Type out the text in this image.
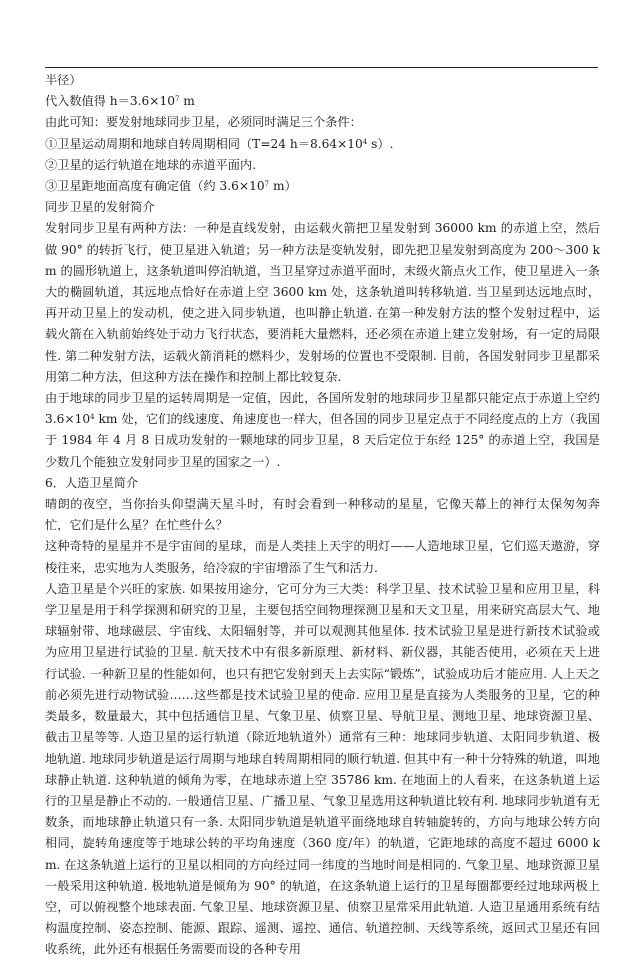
半径）

代入数值得 $h=3.6\times 10^7$ m

由此可知：要发射地球同步卫星，必须同时满足三个条件：

①卫星运动周期和地球自转周期相同（T=24 $h=8.64\times 10^4$ s）.

②卫星的运行轨道在地球的赤道平面内.

③卫星距地面高度有确定值（约 $3.6\times 10^7$ m）

同步卫星的发射简介

发射同步卫星有两种方法：一种是直线发射，由运载火箭把卫星发射到 36000 km 的赤道上空，然后做 90° 的转折飞行，使卫星进入轨道；另一种方法是变轨发射，即先把卫星发射到高度为 200～300 km 的圆形轨道上，这条轨道叫停泊轨道，当卫星穿过赤道平面时，末级火箭点火工作，使卫星进入一条大的椭圆轨道，其远地点恰好在赤道上空 3600 km 处，这条轨道叫转移轨道. 当卫星到达远地点时，再开动卫星上的发动机，使之进入同步轨道，也叫静止轨道. 在第一种发射方法的整个发射过程中，运载火箭在入轨前始终处于动力飞行状态，要消耗大量燃料，还必须在赤道上建立发射场，有一定的局限性. 第二种发射方法，运载火箭消耗的燃料少，发射场的位置也不受限制. 目前，各国发射同步卫星都采用第二种方法，但这种方法在操作和控制上都比较复杂.

由于地球的同步卫星的运转周期是一定值，因此，各国所发射的地球同步卫星都只能定点于赤道上空约 $3.6\times 10^4$ km 处，它们的线速度、角速度也一样大，但各国的同步卫星定点于不同经度点的上方（我国于 1984 年 4 月 8 日成功发射的一颗地球的同步卫星，8 天后定位于东经 125° 的赤道上空，我国是少数几个能独立发射同步卫星的国家之一）.

6．人造卫星简介

晴朗的夜空，当你抬头仰望满天星斗时，有时会看到一种移动的星星，它像天幕上的神行太保匆匆奔忙，它们是什么星？在忙些什么？

这种奇特的星星并不是宇宙间的星球，而是人类挂上天宇的明灯——人造地球卫星，它们巡天遨游，穿梭往来，忠实地为人类服务，给冷寂的宇宙增添了生气和活力.

人造卫星是个兴旺的家族. 如果按用途分，它可分为三大类：科学卫星、技术试验卫星和应用卫星，科学卫星是用于科学探测和研究的卫星，主要包括空间物理探测卫星和天文卫星，用来研究高层大气、地球辐射带、地球磁层、宇宙线、太阳辐射等，并可以观测其他星体. 技术试验卫星是进行新技术试验或为应用卫星进行试验的卫星. 航天技术中有很多新原理、新材料、新仪器，其能否使用，必须在天上进行试验. 一种新卫星的性能如何，也只有把它发射到天上去实际“锻炼”，试验成功后才能应用. 人上天之前必须先进行动物试验……这些都是技术试验卫星的使命. 应用卫星是直接为人类服务的卫星，它的种类最多，数量最大，其中包括通信卫星、气象卫星、侦察卫星、导航卫星、测地卫星、地球资源卫星、截击卫星等等. 人造卫星的运行轨道（除近地轨道外）通常有三种：地球同步轨道、太阳同步轨道、极地轨道. 地球同步轨道是运行周期与地球自转周期相同的顺行轨道. 但其中有一种十分特殊的轨道，叫地球静止轨道. 这种轨道的倾角为零，在地球赤道上空 35786 km. 在地面上的人看来，在这条轨道上运行的卫星是静止不动的. 一般通信卫星、广播卫星、气象卫星选用这种轨道比较有利. 地球同步轨道有无数条，而地球静止轨道只有一条. 太阳同步轨道是轨道平面绕地球自转轴旋转的，方向与地球公转方向相同，旋转角速度等于地球公转的平均角速度（360 度/年）的轨道，它距地球的高度不超过 6000 km. 在这条轨道上运行的卫星以相同的方向经过同一纬度的当地时间是相同的. 气象卫星、地球资源卫星一般采用这种轨道. 极地轨道是倾角为 90° 的轨道，在这条轨道上运行的卫星每圈都要经过地球两极上空，可以俯视整个地球表面. 气象卫星、地球资源卫星、侦察卫星常采用此轨道. 人造卫星通用系统有结构温度控制、姿态控制、能源、跟踪、遥测、遥控、通信、轨道控制、天线等系统，返回式卫星还有回收系统，此外还有根据任务需要而设的各种专用
